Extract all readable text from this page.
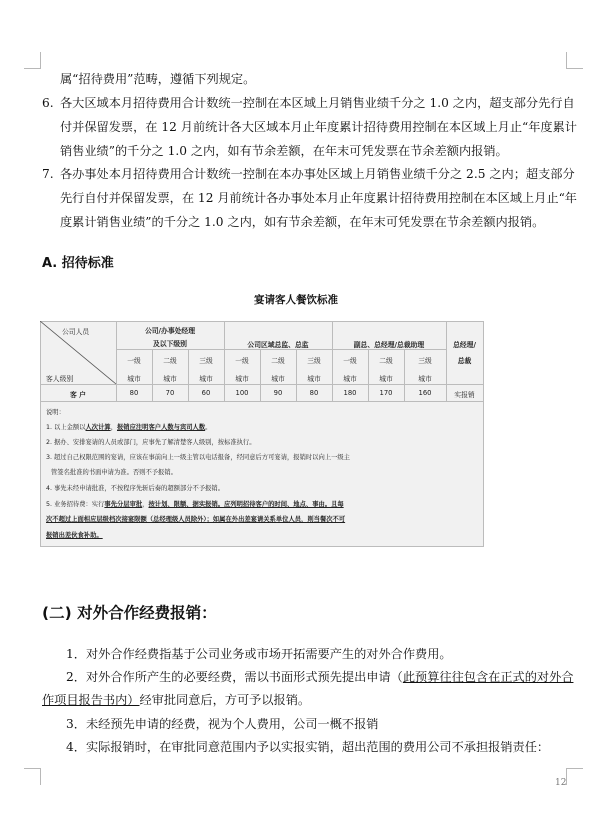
属“招待费用”范畴，遵循下列规定。
6. 各大区域本月招待费用合计数统一控制在本区域上月销售业绩千分之 1.0 之内，超支部分先行自
付并保留发票，在 12 月前统计各大区域本月止年度累计招待费用控制在本区域上月止“年度累计
销售业绩”的千分之 1.0 之内，如有节余差额，在年末可凭发票在节余差额内报销。
7. 各办事处本月招待费用合计数统一控制在本办事处区域上月销售业绩千分之 2.5 之内；超支部分
先行自付并保留发票，在 12 月前统计各办事处本月止年度累计招待费用控制在本区域上月止“年
度累计销售业绩”的千分之 1.0 之内，如有节余差额，在年末可凭发票在节余差额内报销。
A. 招待标准
宴请客人餐饮标准
公司人员
客人级别
公司/办事处经理
及以下级别	公司区域总监、总监	副总、总经理/总裁助理	总经理/
总裁
一级	二级	三级	一级	二级	三级	一级	二级	三级
城市	城市	城市	城市	城市	城市	城市	城市	城市
客 户	80	70	60	100	90	80	180	170	160	实报销
说明：
1. 以上金额以人次计算，报销应注明客户人数与宾司人数。
2. 据办、安排宴请的人员或部门，应事先了解清楚客人级别，按标准执行。
3. 超过自己权限范围的宴请，应该在事前向上一级主管以电话报备，经同意后方可宴请，报销时以向上一级主
管签名批准的书面申请为准。否则不予报销。
4. 事先未经申请批准，不按程序先斩后奏的超额部分不予报销。
5. 业务招待费：实行事先分层审批，按计划、限额、据实报销。应列明招待客户的时间、地点、事由。且每
次不超过上面相应层级档次接宴限额（总经理级人员除外）；如属在外出差宴请关系单位人员，则当餐次不可
报销出差伙食补助。
(二) 对外合作经费报销：
1．对外合作经费指基于公司业务或市场开拓需要产生的对外合作费用。
2．对外合作所产生的必要经费，需以书面形式预先提出申请（此预算往往包含在正式的对外合
作项目报告书内）经审批同意后，方可予以报销。
3．未经预先申请的经费，视为个人费用，公司一概不报销
4．实际报销时，在审批同意范围内予以实报实销，超出范围的费用公司不承担报销责任：
12
